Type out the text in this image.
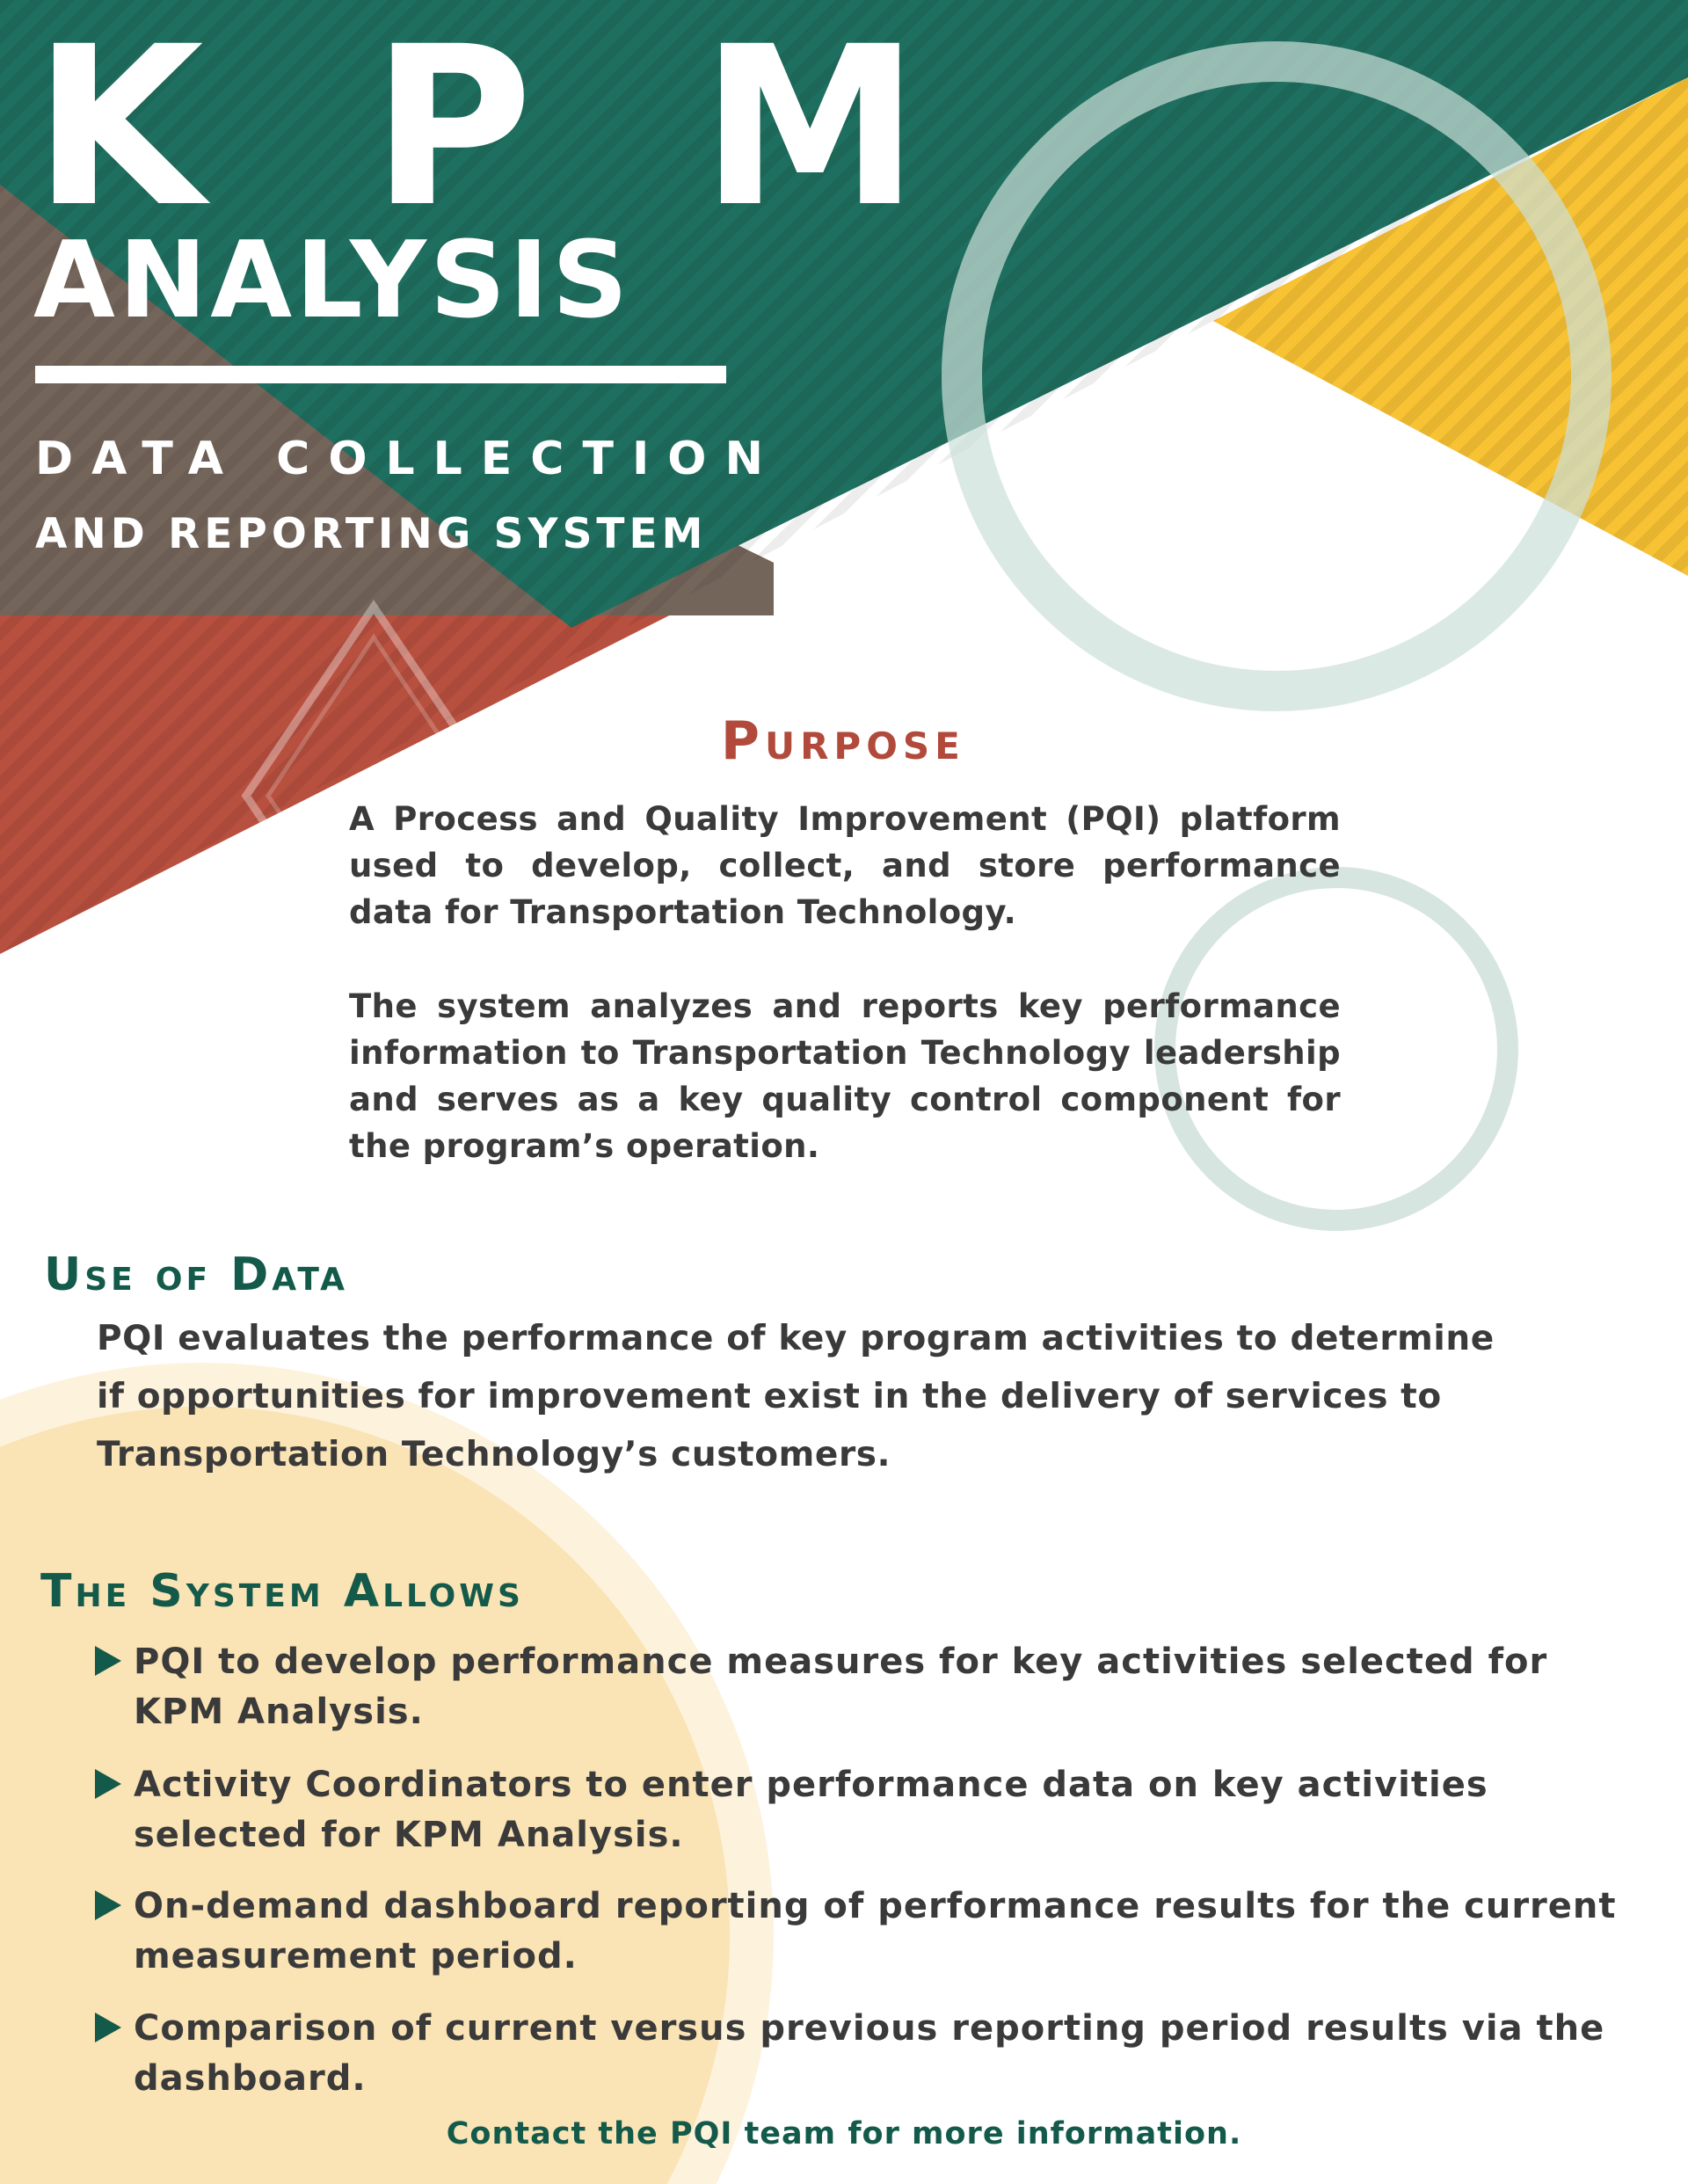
K P M
ANALYSIS
DATA COLLECTION
AND REPORTING SYSTEM
Purpose
A Process and Quality Improvement (PQI) platform used to develop, collect, and store performance data for Transportation Technology.
The system analyzes and reports key performance information to Transportation Technology leadership and serves as a key quality control component for the program’s operation.
Use of Data
PQI evaluates the performance of key program activities to determine if opportunities for improvement exist in the delivery of services to Transportation Technology’s customers.
The System Allows
PQI to develop performance measures for key activities selected for KPM Analysis.
Activity Coordinators to enter performance data on key activities selected for KPM Analysis.
On-demand dashboard reporting of performance results for the current measurement period.
Comparison of current versus previous reporting period results via the dashboard.
Contact the PQI team for more information.
